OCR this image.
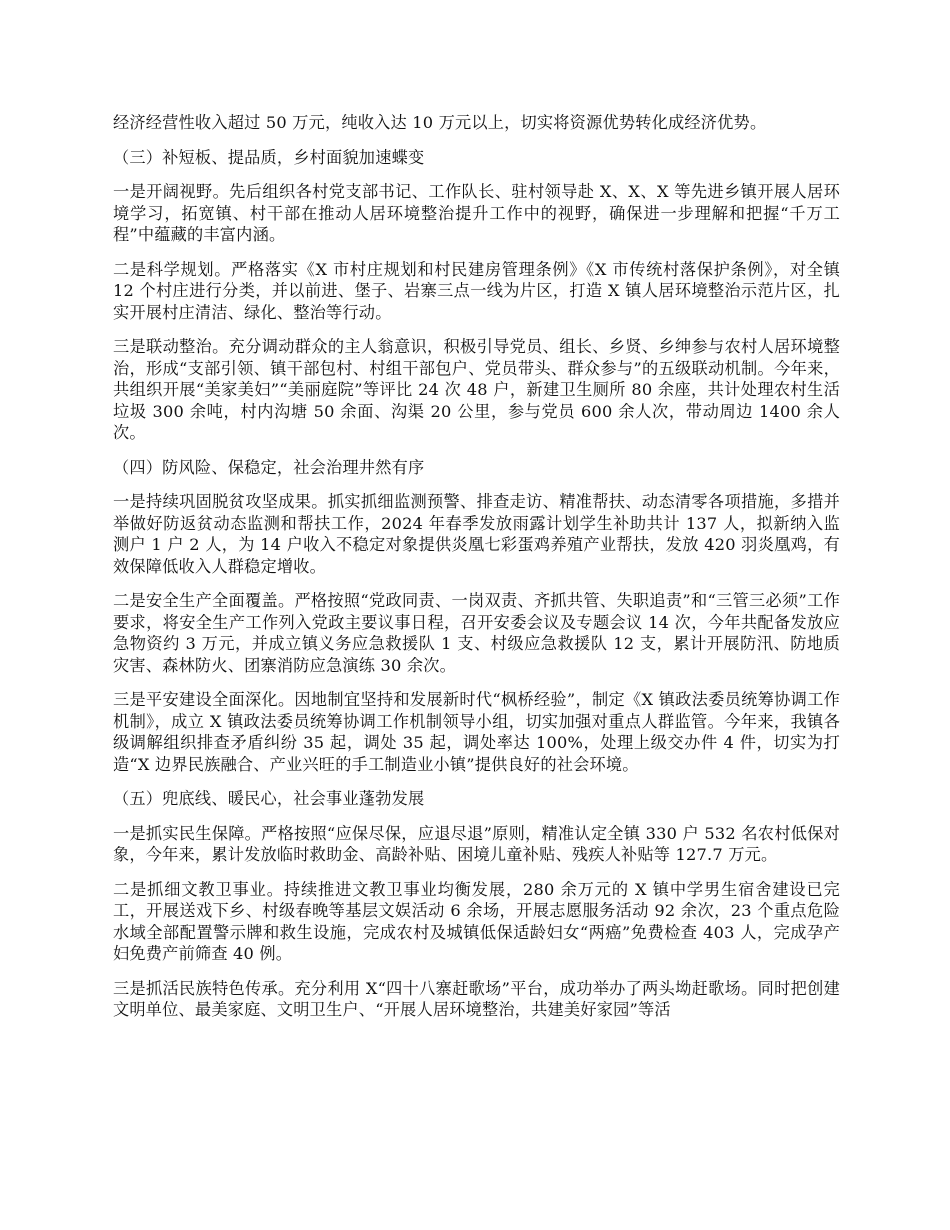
经济经营性收入超过 50 万元，纯收入达 10 万元以上，切实将资源优势转化成经济优势。

（三）补短板、提品质，乡村面貌加速蝶变

一是开阔视野。先后组织各村党支部书记、工作队长、驻村领导赴 X、X、X 等先进乡镇开展人居环境学习，拓宽镇、村干部在推动人居环境整治提升工作中的视野，确保进一步理解和把握“千万工程”中蕴藏的丰富内涵。

二是科学规划。严格落实《X 市村庄规划和村民建房管理条例》《X 市传统村落保护条例》，对全镇 12 个村庄进行分类，并以前进、堡子、岩寨三点一线为片区，打造 X 镇人居环境整治示范片区，扎实开展村庄清洁、绿化、整治等行动。

三是联动整治。充分调动群众的主人翁意识，积极引导党员、组长、乡贤、乡绅参与农村人居环境整治，形成“支部引领、镇干部包村、村组干部包户、党员带头、群众参与”的五级联动机制。今年来，共组织开展“美家美妇”“美丽庭院”等评比 24 次 48 户，新建卫生厕所 80 余座，共计处理农村生活垃圾 300 余吨，村内沟塘 50 余面、沟渠 20 公里，参与党员 600 余人次，带动周边 1400 余人次。

（四）防风险、保稳定，社会治理井然有序

一是持续巩固脱贫攻坚成果。抓实抓细监测预警、排查走访、精准帮扶、动态清零各项措施，多措并举做好防返贫动态监测和帮扶工作，2024 年春季发放雨露计划学生补助共计 137 人，拟新纳入监测户 1 户 2 人，为 14 户收入不稳定对象提供炎凰七彩蛋鸡养殖产业帮扶，发放 420 羽炎凰鸡，有效保障低收入人群稳定增收。

二是安全生产全面覆盖。严格按照“党政同责、一岗双责、齐抓共管、失职追责”和“三管三必须”工作要求，将安全生产工作列入党政主要议事日程，召开安委会议及专题会议 14 次，今年共配备发放应急物资约 3 万元，并成立镇义务应急救援队 1 支、村级应急救援队 12 支，累计开展防汛、防地质灾害、森林防火、团寨消防应急演练 30 余次。

三是平安建设全面深化。因地制宜坚持和发展新时代“枫桥经验”，制定《X 镇政法委员统筹协调工作机制》，成立 X 镇政法委员统筹协调工作机制领导小组，切实加强对重点人群监管。今年来，我镇各级调解组织排查矛盾纠纷 35 起，调处 35 起，调处率达 100%，处理上级交办件 4 件，切实为打造“X 边界民族融合、产业兴旺的手工制造业小镇”提供良好的社会环境。

（五）兜底线、暖民心，社会事业蓬勃发展

一是抓实民生保障。严格按照“应保尽保，应退尽退”原则，精准认定全镇 330 户 532 名农村低保对象，今年来，累计发放临时救助金、高龄补贴、困境儿童补贴、残疾人补贴等 127.7 万元。

二是抓细文教卫事业。持续推进文教卫事业均衡发展，280 余万元的 X 镇中学男生宿舍建设已完工，开展送戏下乡、村级春晚等基层文娱活动 6 余场，开展志愿服务活动 92 余次，23 个重点危险水域全部配置警示牌和救生设施，完成农村及城镇低保适龄妇女“两癌”免费检查 403 人，完成孕产妇免费产前筛查 40 例。

三是抓活民族特色传承。充分利用 X“四十八寨赶歌场”平台，成功举办了两头坳赶歌场。同时把创建文明单位、最美家庭、文明卫生户、“开展人居环境整治，共建美好家园”等活
